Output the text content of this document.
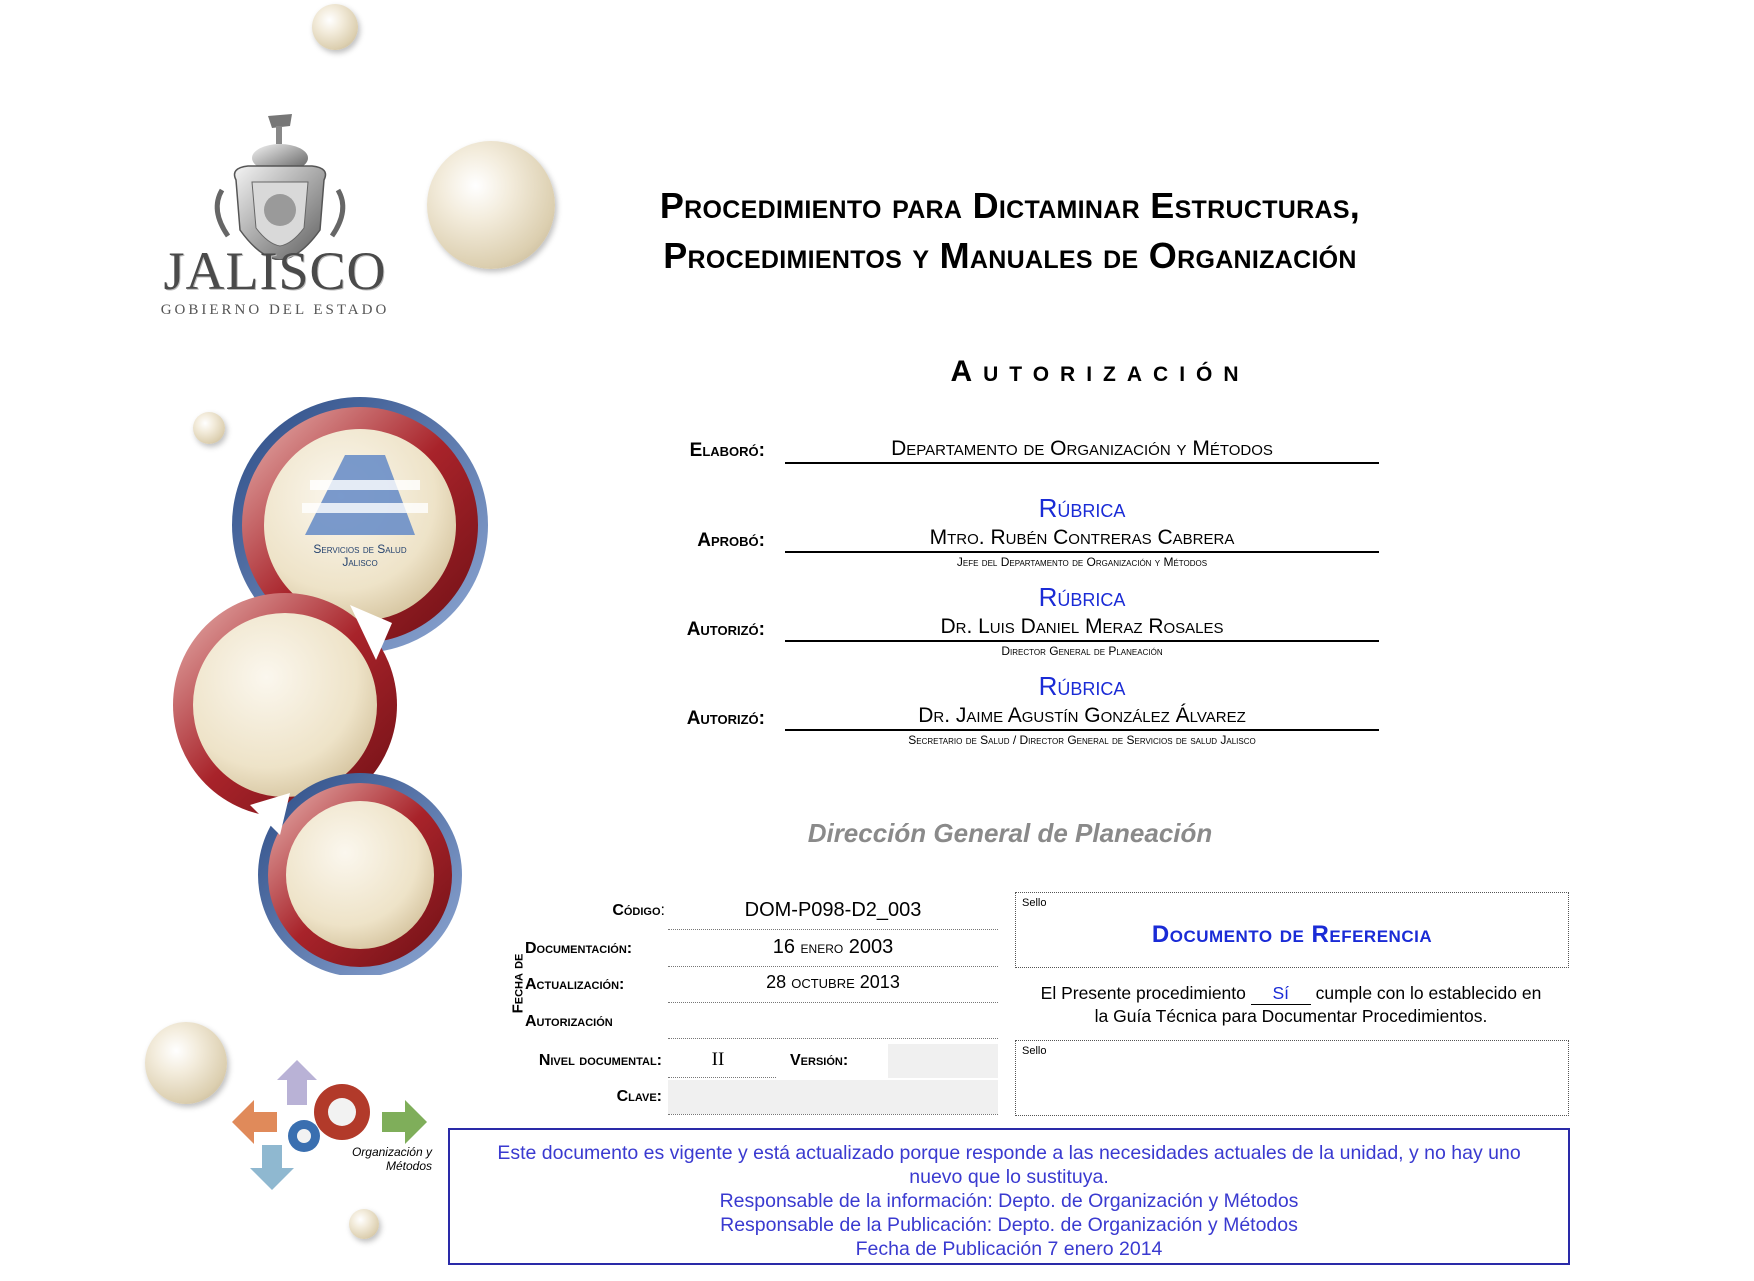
JALISCO
GOBIERNO DEL ESTADO
Servicios de Salud
Jalisco
Organización y
Métodos
Procedimiento para Dictaminar Estructuras,
Procedimientos y Manuales de Organización
Autorización
Elaboró:	Departamento de Organización y Métodos
Rúbrica
Aprobó:	Mtro. Rubén Contreras Cabrera
Jefe del Departamento de Organización y Métodos
Rúbrica
Autorizó:	Dr. Luis Daniel Meraz Rosales
Director General de Planeación
Rúbrica
Autorizó:	Dr. Jaime Agustín González Álvarez
Secretario de Salud / Director General de Servicios de salud Jalisco
Dirección General de Planeación
Código:	DOM-P098-D2_003
Fecha de
Documentación:	16 enero 2003
Actualización:	28 octubre 2013
Autorización
Nivel documental:	II	Versión:
Clave:
Sello
Documento de Referencia
El Presente procedimiento Sí cumple con lo establecido en
la Guía Técnica para Documentar Procedimientos.
Sello
Este documento es vigente y está actualizado porque responde a las necesidades actuales de la unidad, y no hay uno
nuevo que lo sustituya.
Responsable de la información: Depto. de Organización y Métodos
Responsable de la Publicación: Depto. de Organización y Métodos
Fecha de Publicación 7 enero 2014
